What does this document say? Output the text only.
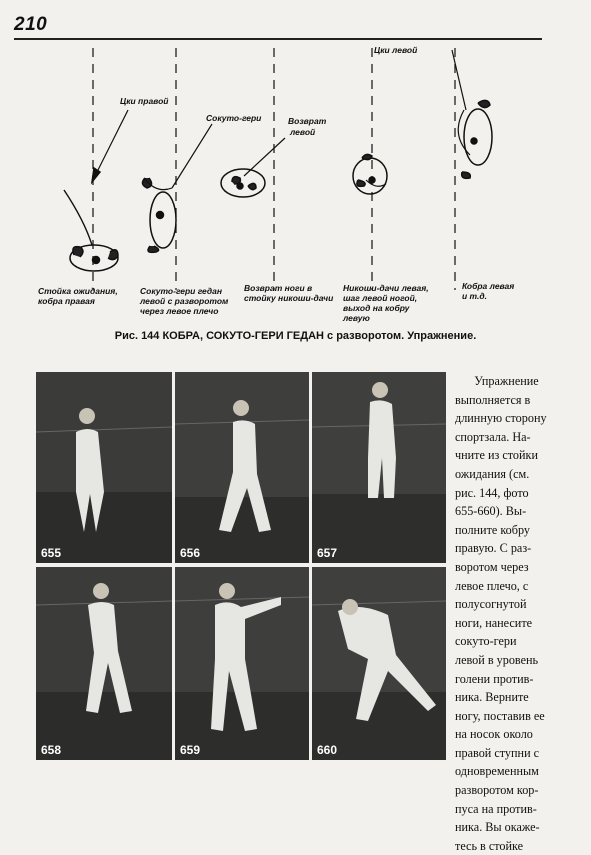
210
Цки правой
Сокуто-гери	Возврат
левой
Цки левой
Стойка ожидания,
кобра правая
Сокуто-гери гедан
левой с разворотом
через левое плечо
Возврат ноги в
стойку никоши-дачи
Никоши-дачи левая,
шаг левой ногой,
выход на кобру
левую
Кобра левая
и т.д.
Рис. 144 КОБРА, СОКУТО-ГЕРИ ГЕДАН с разворотом. Упражнение.
655	656	657
658	659	660
Упражнение
выполняется в
длинную сторону
спортзала. На-
чните из стойки
ожидания (см.
рис. 144, фото
655-660). Вы-
полните кобру
правую. С раз-
воротом через
левое плечо, с
полусогнутой
ноги, нанесите
сокуто-гери
левой в уровень
голени против-
ника. Верните
ногу, поставив ее
на носок около
правой ступни с
одновременным
разворотом кор-
пуса на против-
ника. Вы окаже-
тесь в стойке
